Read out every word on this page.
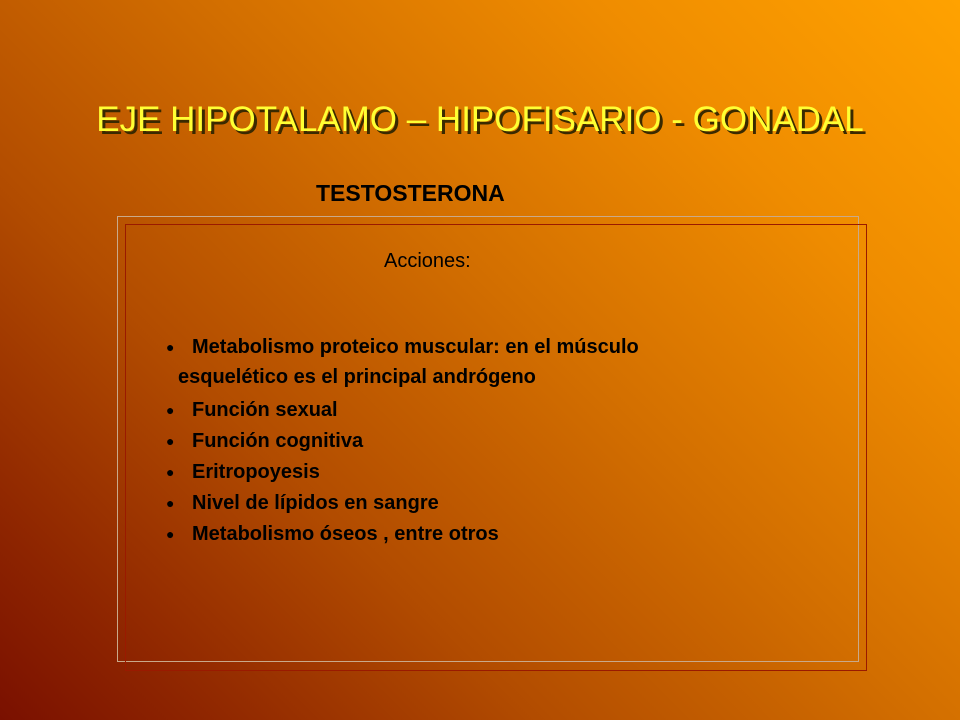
EJE HIPOTALAMO – HIPOFISARIO - GONADAL
TESTOSTERONA
Acciones:
● Metabolismo proteico muscular: en el músculo
esquelético es el principal andrógeno
● Función sexual
● Función cognitiva
● Eritropoyesis
● Nivel de lípidos en sangre
● Metabolismo óseos , entre otros
